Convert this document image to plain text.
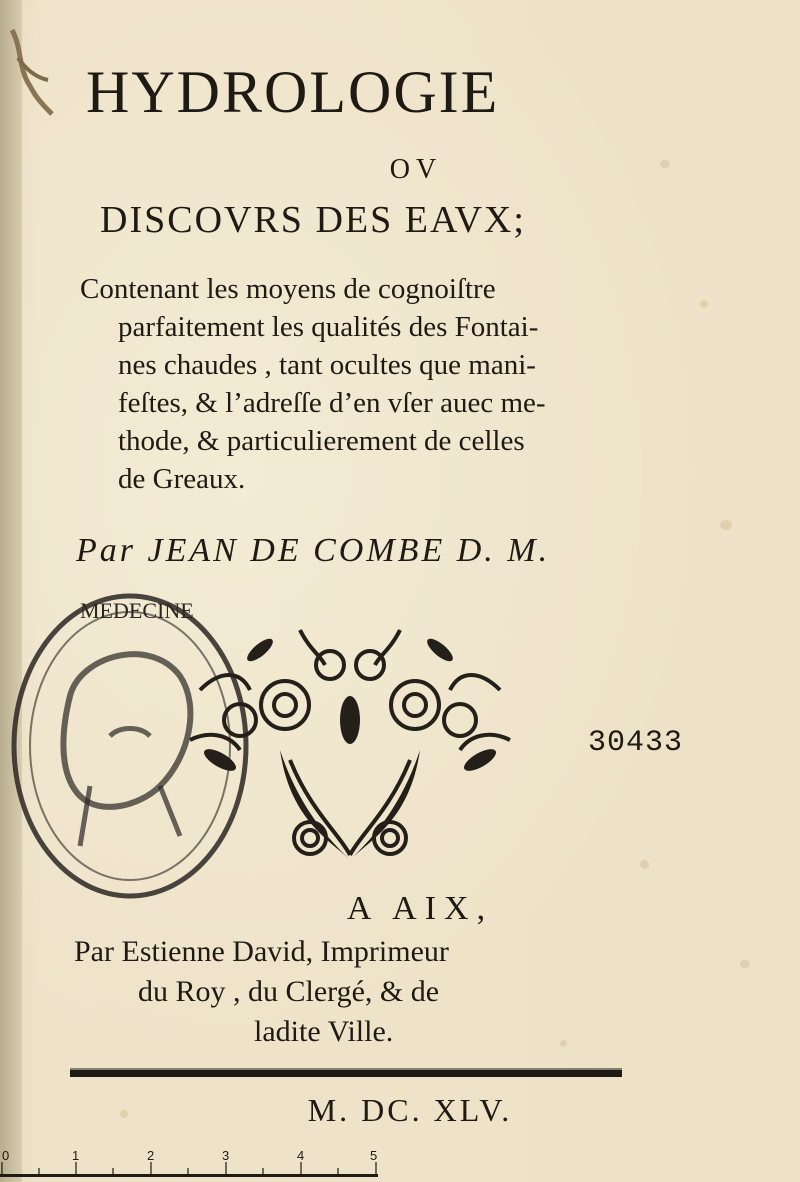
HYDROLOGIE
OV
DISCOVRS DES EAVX;
Contenant les moyens de cognoiſtre
parfaitement les qualités des Fontai-
nes chaudes , tant ocultes que mani-
feſtes, & l’adreſſe d’en vſer auec me-
thode, & particulierement de celles
de Greaux.
Par JEAN DE COMBE D. M.
MEDECINE
30433
A AIX,
Par Estienne David, Imprimeur
du Roy , du Clergé, & de
ladite Ville.
M. DC. XLV.
0	1	2	3	4	5
